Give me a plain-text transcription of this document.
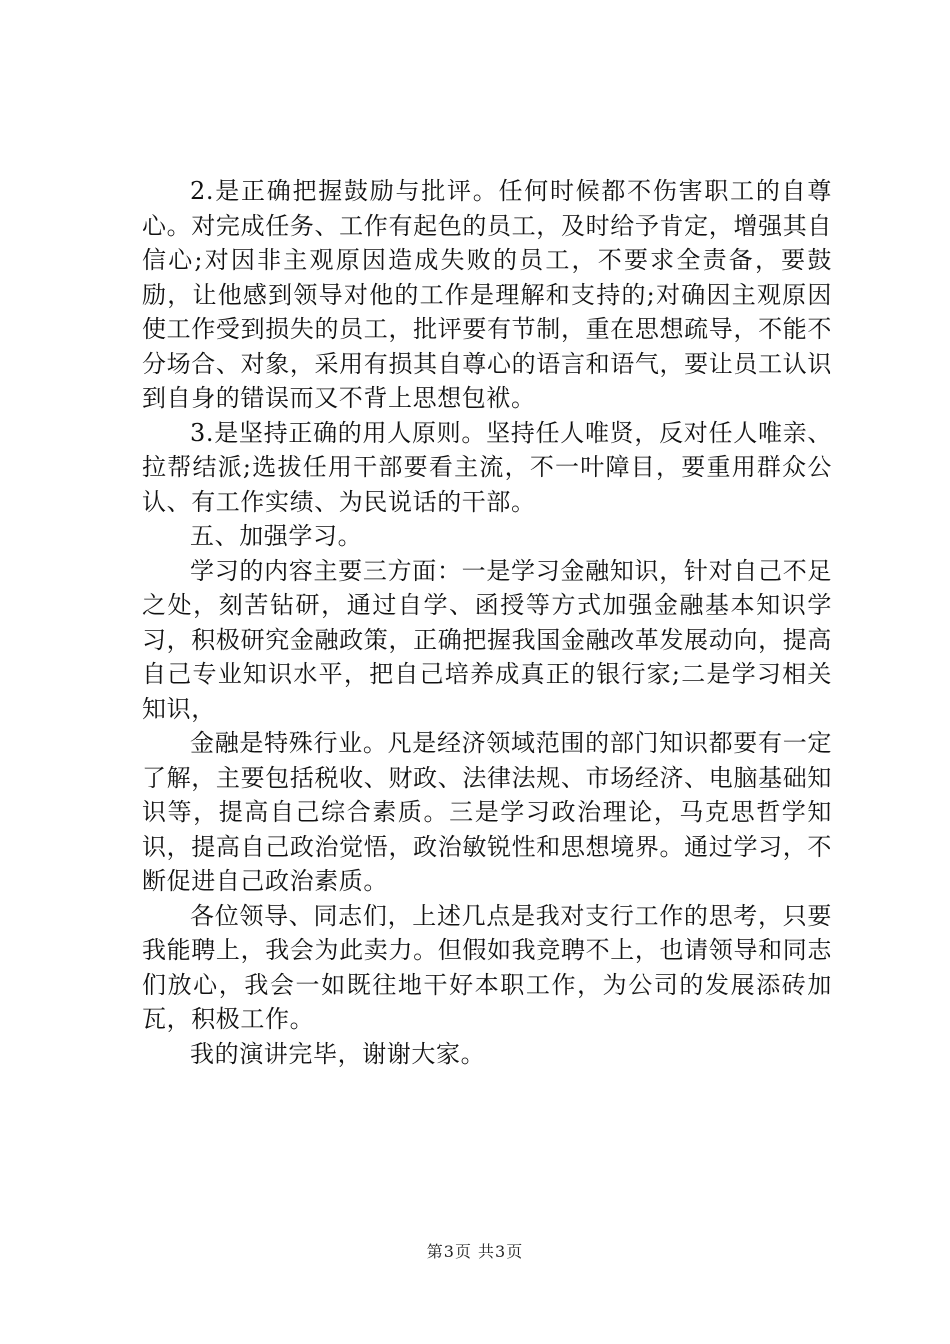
2.是正确把握鼓励与批评。任何时候都不伤害职工的自尊心。对完成任务、工作有起色的员工，及时给予肯定，增强其自信心;对因非主观原因造成失败的员工，不要求全责备，要鼓励，让他感到领导对他的工作是理解和支持的;对确因主观原因使工作受到损失的员工，批评要有节制，重在思想疏导，不能不分场合、对象，采用有损其自尊心的语言和语气，要让员工认识到自身的错误而又不背上思想包袱。

3.是坚持正确的用人原则。坚持任人唯贤，反对任人唯亲、拉帮结派;选拔任用干部要看主流，不一叶障目，要重用群众公认、有工作实绩、为民说话的干部。

五、加强学习。

学习的内容主要三方面：一是学习金融知识，针对自己不足之处，刻苦钻研，通过自学、函授等方式加强金融基本知识学习，积极研究金融政策，正确把握我国金融改革发展动向，提高自己专业知识水平，把自己培养成真正的银行家;二是学习相关知识，

金融是特殊行业。凡是经济领域范围的部门知识都要有一定了解，主要包括税收、财政、法律法规、市场经济、电脑基础知识等，提高自己综合素质。三是学习政治理论，马克思哲学知识，提高自己政治觉悟，政治敏锐性和思想境界。通过学习，不断促进自己政治素质。

各位领导、同志们，上述几点是我对支行工作的思考，只要我能聘上，我会为此卖力。但假如我竞聘不上，也请领导和同志们放心，我会一如既往地干好本职工作，为公司的发展添砖加瓦，积极工作。

我的演讲完毕，谢谢大家。

第3页 共3页
